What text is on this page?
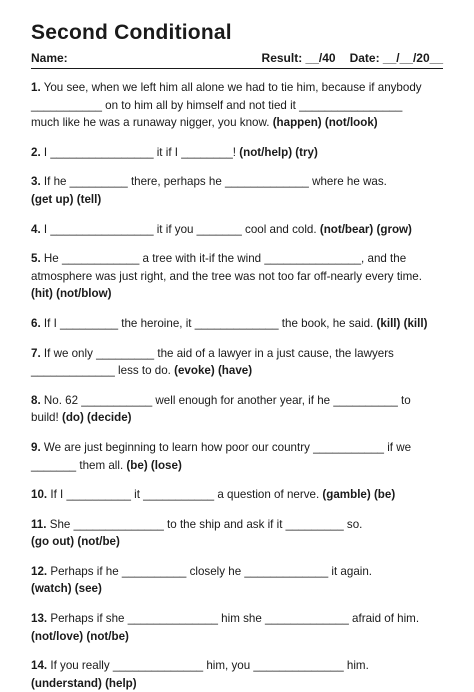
Second Conditional
Name:	Result: __/40 Date: __/__/20__

1. You see, when we left him all alone we had to tie him, because if anybody
___________ on to him all by himself and not tied it ________________
much like he was a runaway nigger, you know. (happen) (not/look)

2. I ________________ it if I ________! (not/help) (try)

3. If he _________ there, perhaps he _____________ where he was.
(get up) (tell)

4. I ________________ it if you _______ cool and cold. (not/bear) (grow)

5. He ____________ a tree with it-if the wind _______________, and the
atmosphere was just right, and the tree was not too far off-nearly every time.
(hit) (not/blow)

6. If I _________ the heroine, it _____________ the book, he said. (kill) (kill)

7. If we only _________ the aid of a lawyer in a just cause, the lawyers
_____________ less to do. (evoke) (have)

8. No. 62 ___________ well enough for another year, if he __________ to
build! (do) (decide)

9. We are just beginning to learn how poor our country ___________ if we
_______ them all. (be) (lose)

10. If I __________ it ___________ a question of nerve. (gamble) (be)

11. She ______________ to the ship and ask if it _________ so.
(go out) (not/be)

12. Perhaps if he __________ closely he _____________ it again.
(watch) (see)

13. Perhaps if she ______________ him she _____________ afraid of him.
(not/love) (not/be)

14. If you really ______________ him, you ______________ him.
(understand) (help)
